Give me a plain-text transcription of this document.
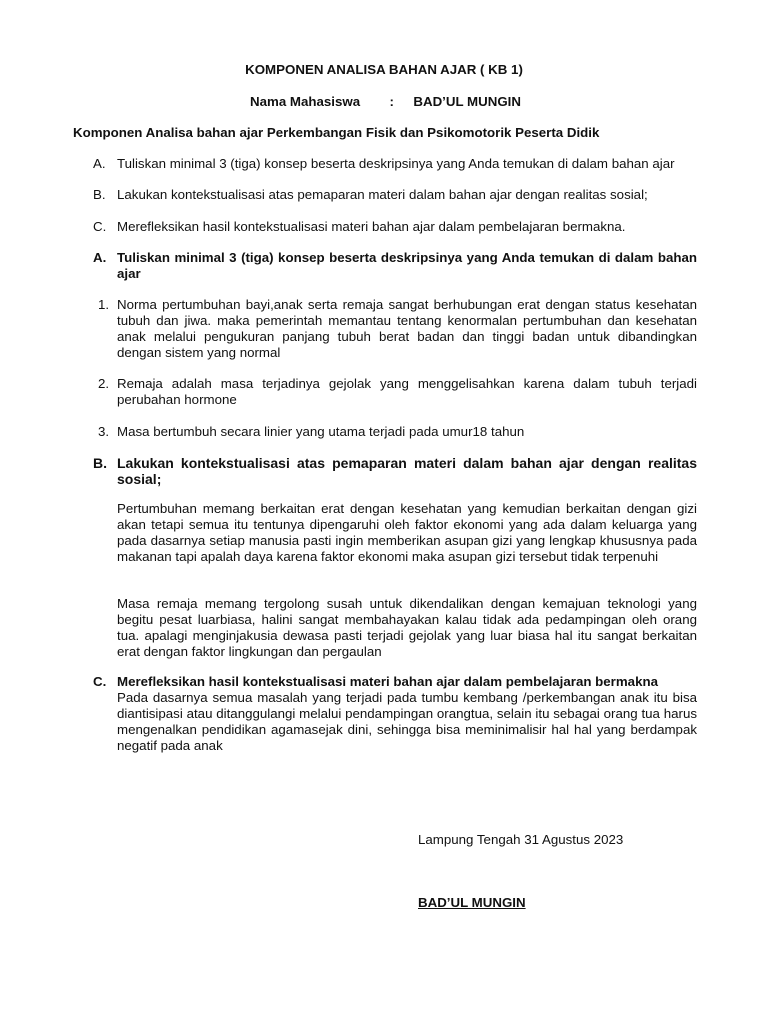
KOMPONEN ANALISA BAHAN AJAR ( KB 1)
Nama Mahasiswa : BAD’UL MUNGIN
Komponen Analisa bahan ajar Perkembangan Fisik dan Psikomotorik Peserta Didik
A. Tuliskan minimal 3 (tiga) konsep beserta deskripsinya yang Anda temukan di dalam bahan ajar
B. Lakukan kontekstualisasi atas pemaparan materi dalam bahan ajar dengan realitas sosial;
C. Merefleksikan hasil kontekstualisasi materi bahan ajar dalam pembelajaran bermakna.
A. Tuliskan minimal 3 (tiga) konsep beserta deskripsinya yang Anda temukan di dalam bahan ajar
1. Norma pertumbuhan bayi,anak serta remaja sangat berhubungan erat dengan status kesehatan tubuh dan jiwa. maka pemerintah memantau tentang kenormalan pertumbuhan dan kesehatan anak melalui pengukuran panjang tubuh berat badan dan tinggi badan untuk dibandingkan dengan sistem yang normal
2. Remaja adalah masa terjadinya gejolak yang menggelisahkan karena dalam tubuh terjadi perubahan hormone
3. Masa bertumbuh secara linier yang utama terjadi pada umur18 tahun
B. Lakukan kontekstualisasi atas pemaparan materi dalam bahan ajar dengan realitas sosial;
Pertumbuhan memang berkaitan erat dengan kesehatan yang kemudian berkaitan dengan gizi akan tetapi semua itu tentunya dipengaruhi oleh faktor ekonomi yang ada dalam keluarga yang pada dasarnya setiap manusia pasti ingin memberikan asupan gizi yang lengkap khususnya pada makanan tapi apalah daya karena faktor ekonomi maka asupan gizi tersebut tidak terpenuhi
Masa remaja memang tergolong susah untuk dikendalikan dengan kemajuan teknologi yang begitu pesat luarbiasa, halini sangat membahayakan kalau tidak ada pedampingan oleh orang tua. apalagi menginjakusia dewasa pasti terjadi gejolak yang luar biasa hal itu sangat berkaitan erat dengan faktor lingkungan dan pergaulan
C. Merefleksikan hasil kontekstualisasi materi bahan ajar dalam pembelajaran bermakna
Pada dasarnya semua masalah yang terjadi pada tumbu kembang /perkembangan anak itu bisa diantisipasi atau ditanggulangi melalui pendampingan orangtua, selain itu sebagai orang tua harus mengenalkan pendidikan agamasejak dini, sehingga bisa meminimalisir hal hal yang berdampak negatif pada anak
Lampung Tengah 31 Agustus 2023
BAD’UL MUNGIN
